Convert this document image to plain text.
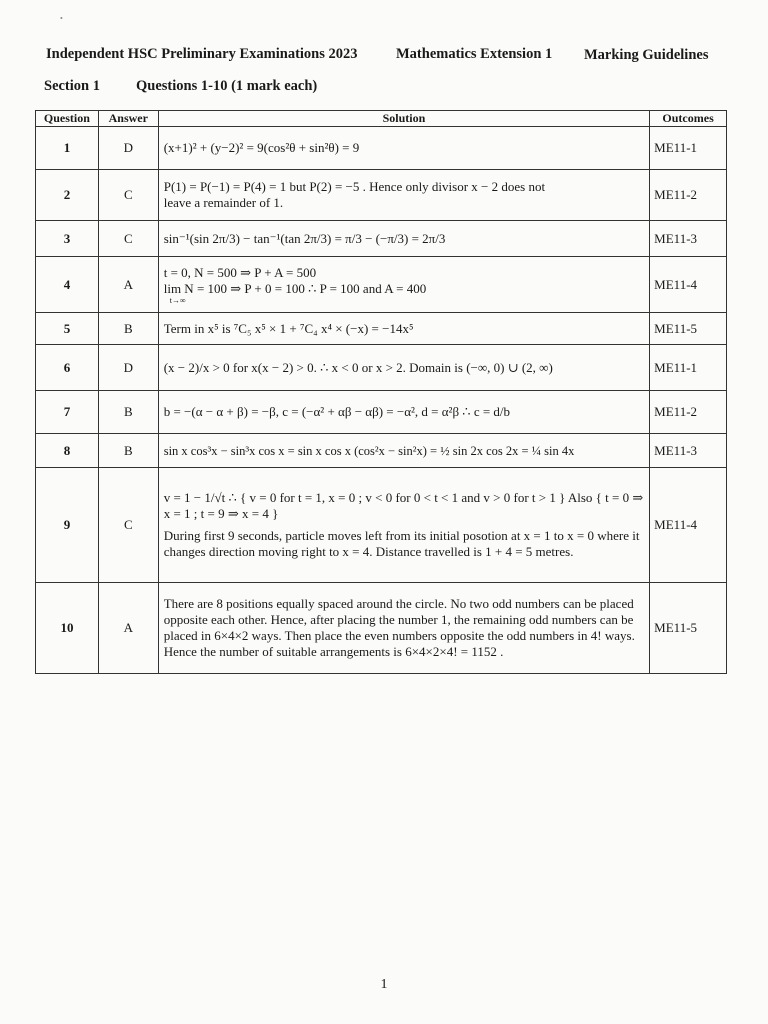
•
Independent HSC Preliminary Examinations 2023	Mathematics Extension 1 Marking Guidelines
Section 1 Questions 1-10 (1 mark each)
Question	Answer	Solution	Outcomes
1	D	(x+1)² + (y−2)² = 9(cos²θ + sin²θ) = 9	ME11-1
2	C	P(1) = P(−1) = P(4) = 1 but P(2) = −5 . Hence only divisor x − 2 does not
leave a remainder of 1.	ME11-2
3	C	sin⁻¹(sin 2π/3) − tan⁻¹(tan 2π/3) = π/3 − (−π/3) = 2π/3	ME11-3
4	A	t = 0, N = 500 ⇒ P + A = 500
lim N = 100 ⇒ P + 0 = 100 ∴ P = 100 and A = 400
t→∞	ME11-4
5	B	Term in x⁵ is ⁷C₅ x⁵ × 1 + ⁷C₄ x⁴ × (−x) = −14x⁵	ME11-5
6	D	(x − 2)/x > 0 for x(x − 2) > 0. ∴ x < 0 or x > 2. Domain is (−∞, 0) ∪ (2, ∞)	ME11-1
7	B	b = −(α − α + β) = −β, c = (−α² + αβ − αβ) = −α², d = α²β ∴ c = d/b	ME11-2
8	B	sin x cos³x − sin³x cos x = sin x cos x (cos²x − sin²x) = ½ sin 2x cos 2x = ¼ sin 4x	ME11-3
9	C	v = 1 − 1/√t ∴ { v = 0 for t = 1, x = 0 ; v < 0 for 0 < t < 1 and v > 0 for t > 1 } Also { t = 0 ⇒ x = 1 ; t = 9 ⇒ x = 4 }
During first 9 seconds, particle moves left from its initial posotion at x = 1 to x = 0 where it changes direction moving right to x = 4. Distance travelled is 1 + 4 = 5 metres.	ME11-4
10	A	There are 8 positions equally spaced around the circle. No two odd numbers can be placed opposite each other. Hence, after placing the number 1, the remaining odd numbers can be placed in 6×4×2 ways. Then place the even numbers opposite the odd numbers in 4! ways. Hence the number of suitable arrangements is 6×4×2×4! = 1152 .	ME11-5
1
